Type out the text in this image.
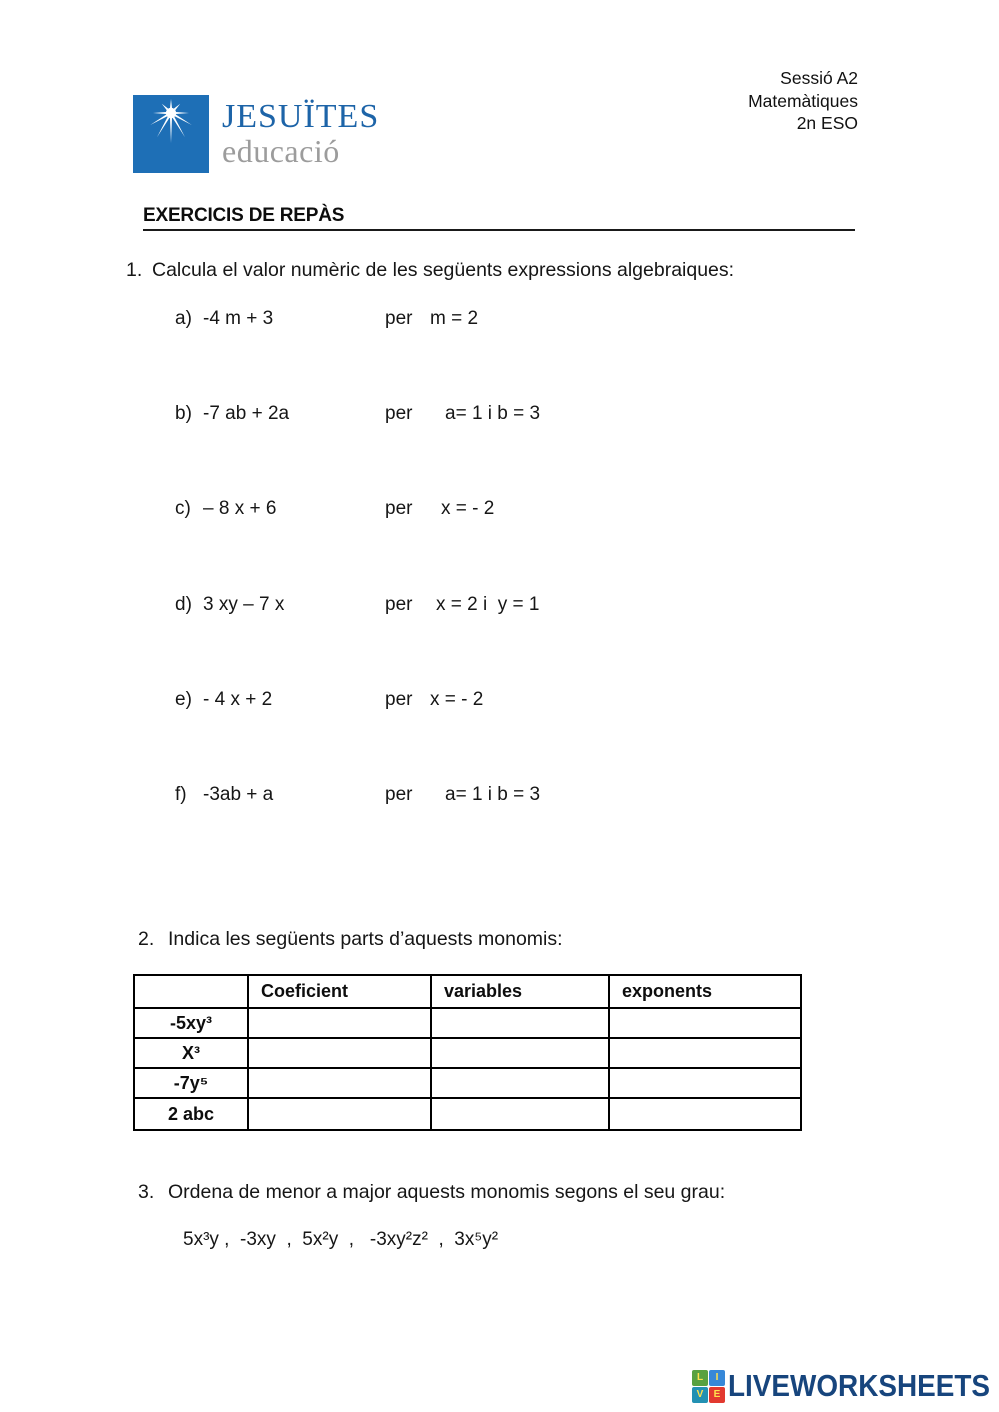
JESUÏTES
educació
Sessió A2
Matemàtiques
2n ESO
EXERCICIS DE REPÀS
1. Calcula el valor numèric de les següents expressions algebraiques:
a) -4 m + 3	per m = 2
b) -7 ab + 2a	per a= 1 i b = 3
c) – 8 x + 6	per x = - 2
d) 3 xy – 7 x	per x = 2 i  y = 1
e) - 4 x + 2	per x = - 2
f) -3ab + a	per a= 1 i b = 3
2. Indica les següents parts d’aquests monomis:
	Coeficient	variables	exponents
-5xy³			
X³			
-7y⁵			
2 abc			
3. Ordena de menor a major aquests monomis segons el seu grau:
5x³y ,  -3xy  ,  5x²y  ,   -3xy²z²  ,  3x⁵y²
L	I
V	E LIVEWORKSHEETS
